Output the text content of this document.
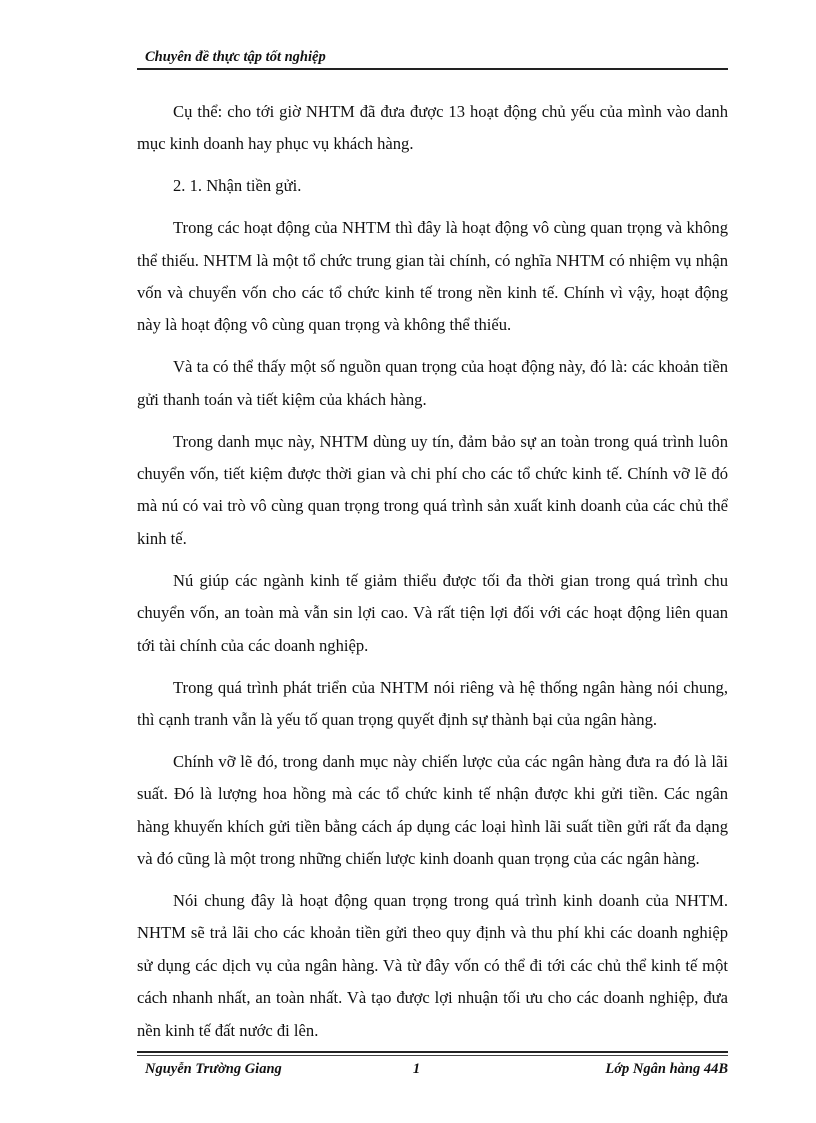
Chuyên đề thực tập tốt nghiệp

Cụ thể: cho tới giờ NHTM đã đưa được 13 hoạt động chủ yếu của mình vào danh mục kinh doanh hay phục vụ khách hàng.

2. 1. Nhận tiền gửi.

Trong các hoạt động của NHTM thì đây là hoạt động vô cùng quan trọng và không thể thiếu. NHTM là một tổ chức trung gian tài chính, có nghĩa NHTM có nhiệm vụ nhận vốn và chuyển vốn cho các tổ chức kinh tế trong nền kinh tế. Chính vì vậy, hoạt động này là hoạt động vô cùng quan trọng và không thể thiếu.

Và ta có thể thấy một số nguồn quan trọng của hoạt động này, đó là: các khoản tiền gửi thanh toán và tiết kiệm của khách hàng.

Trong danh mục này, NHTM dùng uy tín, đảm bảo sự an toàn trong quá trình luôn chuyển vốn, tiết kiệm được thời gian và chi phí cho các tổ chức kinh tế. Chính vỡ lẽ đó mà nú có vai trò vô cùng quan trọng trong quá trình sản xuất kinh doanh của các chủ thể kinh tế.

Nú giúp các ngành kinh tế giảm thiểu được tối đa thời gian trong quá trình chu chuyển vốn, an toàn mà vẫn sin lợi cao. Và rất tiện lợi đối với các hoạt động liên quan tới tài chính của các doanh nghiệp.

Trong quá trình phát triển của NHTM nói riêng và hệ thống ngân hàng nói chung, thì cạnh tranh vẫn là yếu tố quan trọng quyết định sự thành bại của ngân hàng.

Chính vỡ lẽ đó, trong danh mục này chiến lược của các ngân hàng đưa ra đó là lãi suất. Đó là lượng hoa hồng mà các tổ chức kinh tế nhận được khi gửi tiền. Các ngân hàng khuyến khích gửi tiền bằng cách áp dụng các loại hình lãi suất tiền gửi rất đa dạng và đó cũng là một trong những chiến lược kinh doanh quan trọng của các ngân hàng.

Nói chung đây là hoạt động quan trọng trong quá trình kinh doanh của NHTM. NHTM sẽ trả lãi cho các khoản tiền gửi theo quy định và thu phí khi các doanh nghiệp sử dụng các dịch vụ của ngân hàng. Và từ đây vốn có thể đi tới các chủ thể kinh tế một cách nhanh nhất, an toàn nhất. Và tạo được lợi nhuận tối ưu cho các doanh nghiệp, đưa nền kinh tế đất nước đi lên.

Nguyễn Trường Giang	1	Lớp Ngân hàng 44B
